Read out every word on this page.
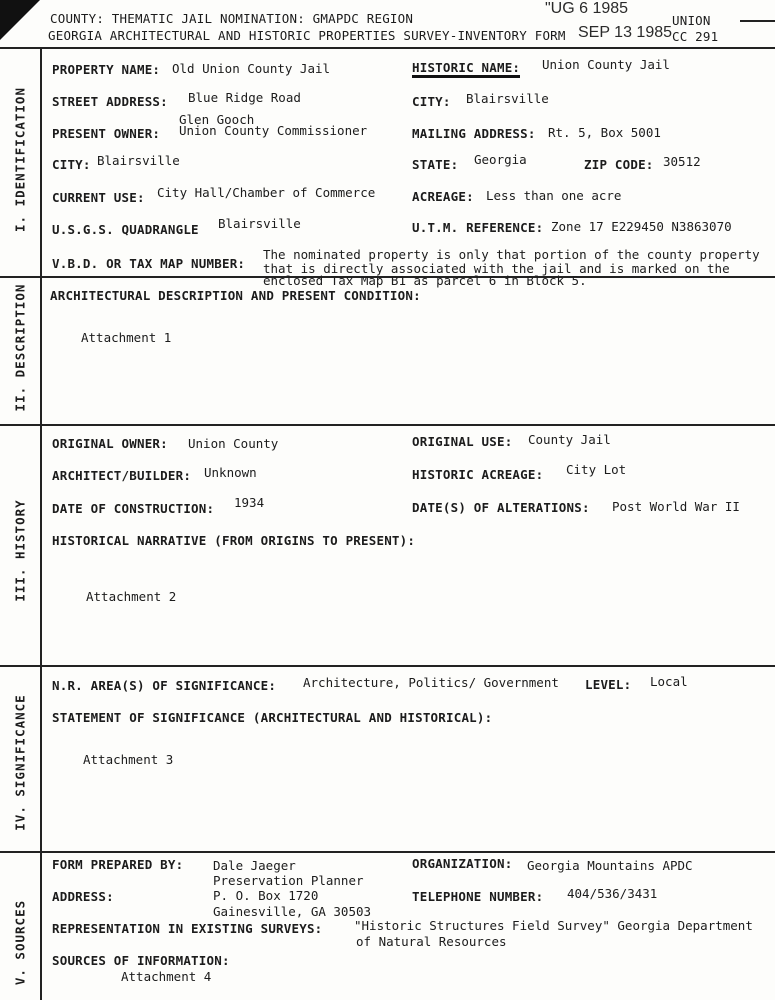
COUNTY: THEMATIC JAIL NOMINATION: GMAPDC REGION	UNION
"UG 6 1985
GEORGIA ARCHITECTURAL AND HISTORIC PROPERTIES SURVEY-INVENTORY FORM SEP 13 1985 CC 291
I. IDENTIFICATION
II. DESCRIPTION
III. HISTORY
IV. SIGNIFICANCE
V. SOURCES
PROPERTY NAME: Old Union County Jail	HISTORIC NAME: Union County Jail
STREET ADDRESS: Blue Ridge Road	CITY: Blairsville
Glen Gooch
PRESENT OWNER: Union County Commissioner	MAILING ADDRESS: Rt. 5, Box 5001
CITY: Blairsville	STATE: Georgia	ZIP CODE: 30512
CURRENT USE: City Hall/Chamber of Commerce	ACREAGE: Less than one acre
U.S.G.S. QUADRANGLE Blairsville	U.T.M. REFERENCE: Zone 17 E229450 N3863070
V.B.D. OR TAX MAP NUMBER:
The nominated property is only that portion of the county property
that is directly associated with the jail and is marked on the
enclosed Tax Map B1 as parcel 6 in Block 5.
ARCHITECTURAL DESCRIPTION AND PRESENT CONDITION:
Attachment 1
ORIGINAL OWNER: Union County	ORIGINAL USE: County Jail
ARCHITECT/BUILDER: Unknown	HISTORIC ACREAGE: City Lot
DATE OF CONSTRUCTION: 1934	DATE(S) OF ALTERATIONS: Post World War II
HISTORICAL NARRATIVE (FROM ORIGINS TO PRESENT):
Attachment 2
N.R. AREA(S) OF SIGNIFICANCE: Architecture, Politics/ Government LEVEL: Local
STATEMENT OF SIGNIFICANCE (ARCHITECTURAL AND HISTORICAL):
Attachment 3
FORM PREPARED BY: Dale Jaeger
Preservation Planner
ORGANIZATION: Georgia Mountains APDC
ADDRESS:	P. O. Box 1720
Gainesville, GA 30503
TELEPHONE NUMBER: 404/536/3431
REPRESENTATION IN EXISTING SURVEYS:	"Historic Structures Field Survey" Georgia Department
of Natural Resources
SOURCES OF INFORMATION:
Attachment 4
